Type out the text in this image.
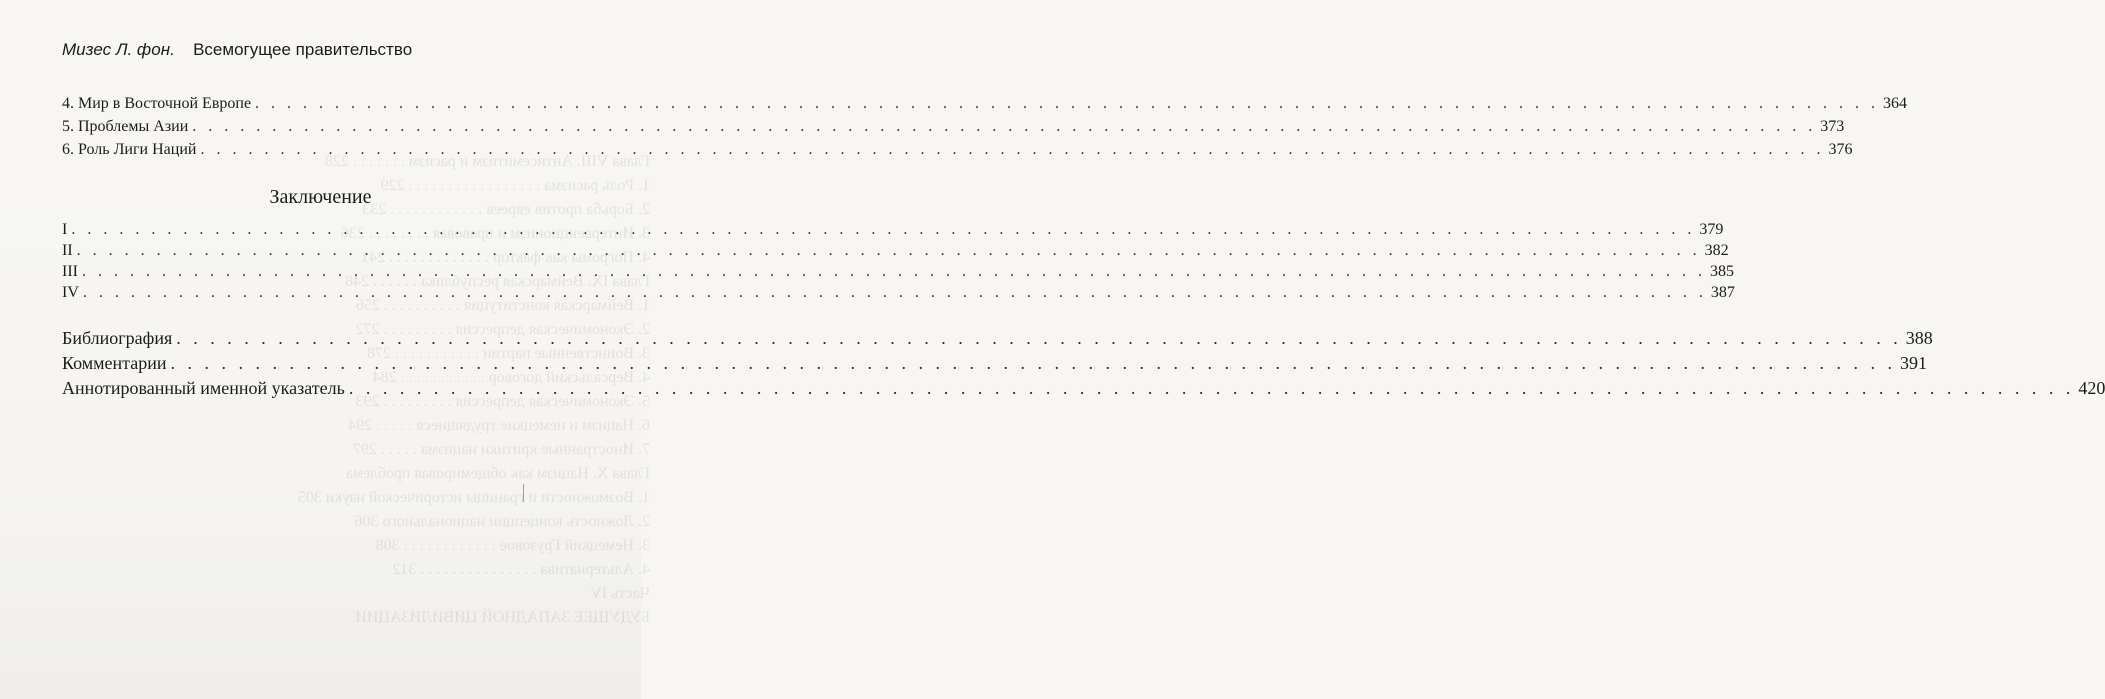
Глава VIII. Антисемитизм и расизм . . . . . . . 228
1. Роль расизма . . . . . . . . . . . . . . . . . 229
2. Борьба против евреев . . . . . . . . . . . . 233
3. Интервенционизм и правовая . . . . . . . . 236
4. Погромы как фактор . . . . . . . . . . . . . 241
Глава IX. Веймарская республика . . . . . . 248
1. Веймарская конституция . . . . . . . . . . 256
2. Экономическая депрессия . . . . . . . . . 272
3. Воинственные партии . . . . . . . . . . . 278
4. Версальский договор . . . . . . . . . . . 284
5. Экономическая депрессия . . . . . . . . . 293
6. Нацизм и немецкие трудящиеся . . . . . 294
7. Иностранные критики нацизма . . . . . 297
Глава X. Нацизм как общемировая проблема
1. Возможности и границы исторической науки 305
2. Ложность концепции национального 306
3. Немецкий Грузовое . . . . . . . . . . . . 308
4. Альтернатива . . . . . . . . . . . . . . . 312
Часть IV
БУДУЩЕЕ ЗАПАДНОЙ ЦИВИЛИЗАЦИИ
Мизес Л. фон. Всемогущее правительство
4. Мир в Восточной Европе . . .	364
5. Проблемы Азии . . .	373
6. Роль Лиги Наций . . .	376
Заключение
I . . .	379
II . . .	382
III . . .	385
IV . . .	387
Библиография . . .	388
Комментарии . . .	391
Аннотированный именной указатель . . .	420
